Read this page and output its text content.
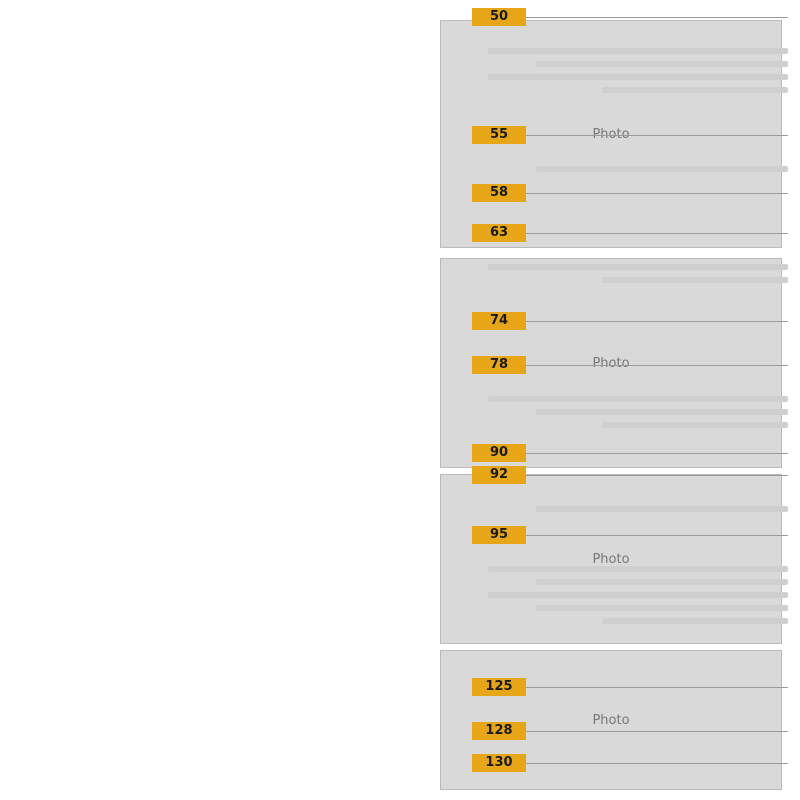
Photo
Photo
Photo
Photo
50
55
58
63
74
78
90
92
95
125
128
130
